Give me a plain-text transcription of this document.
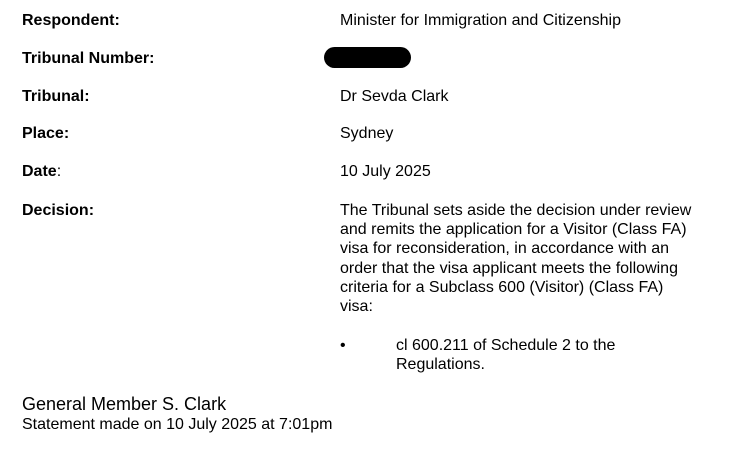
Respondent:	Minister for Immigration and Citizenship
Tribunal Number:
Tribunal:	Dr Sevda Clark
Place:	Sydney
Date:	10 July 2025
Decision:	The Tribunal sets aside the decision under review
and remits the application for a Visitor (Class FA)
visa for reconsideration, in accordance with an
order that the visa applicant meets the following
criteria for a Subclass 600 (Visitor) (Class FA)
visa:
•	cl 600.211 of Schedule 2 to the
Regulations.
General Member S. Clark
Statement made on 10 July 2025 at 7:01pm
